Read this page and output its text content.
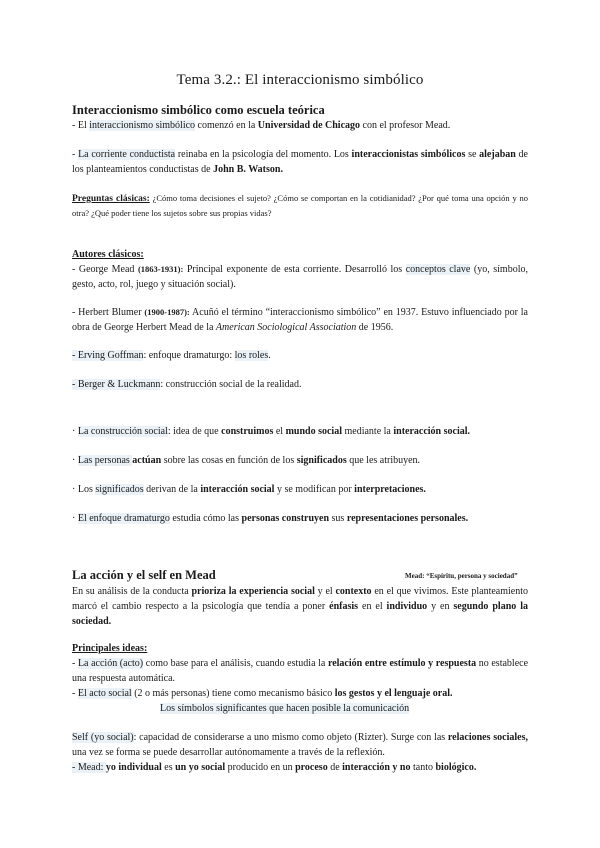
Tema 3.2.: El interaccionismo simbólico
Interaccionismo simbólico como escuela teórica
- El interaccionismo simbólico comenzó en la Universidad de Chicago con el profesor Mead.
- La corriente conductista reinaba en la psicología del momento. Los interaccionistas simbólicos se alejaban de los planteamientos conductistas de John B. Watson.
Preguntas clásicas: ¿Cómo toma decisiones el sujeto? ¿Cómo se comportan en la cotidianidad? ¿Por qué toma una opción y no otra? ¿Qué poder tiene los sujetos sobre sus propias vidas?
Autores clásicos:
- George Mead (1863-1931): Principal exponente de esta corriente. Desarrolló los conceptos clave (yo, símbolo, gesto, acto, rol, juego y situación social).
- Herbert Blumer (1900-1987): Acuñó el término “interaccionismo simbólico” en 1937. Estuvo influenciado por la obra de George Herbert Mead de la American Sociological Association de 1956.
- Erving Goffman: enfoque dramaturgo: los roles.
- Berger & Luckmann: construcción social de la realidad.
· La construcción social: idea de que construimos el mundo social mediante la interacción social.
· Las personas actúan sobre las cosas en función de los significados que les atribuyen.
· Los significados derivan de la interacción social y se modifican por interpretaciones.
· El enfoque dramaturgo estudia cómo las personas construyen sus representaciones personales.
La acción y el self en Mead	Mead: “Espíritu, persona y sociedad”
En su análisis de la conducta prioriza la experiencia social y el contexto en el que vivimos. Este planteamiento marcó el cambio respecto a la psicología que tendía a poner énfasis en el individuo y en segundo plano la sociedad.
Principales ideas:
- La acción (acto) como base para el análisis, cuando estudia la relación entre estímulo y respuesta no establece una respuesta automática.
- El acto social (2 o más personas) tiene como mecanismo básico los gestos y el lenguaje oral.
Los símbolos significantes que hacen posible la comunicación
Self (yo social): capacidad de considerarse a uno mismo como objeto (Rizter). Surge con las relaciones sociales, una vez se forma se puede desarrollar autónomamente a través de la reflexión.
- Mead: yo individual es un yo social producido en un proceso de interacción y no tanto biológico.
